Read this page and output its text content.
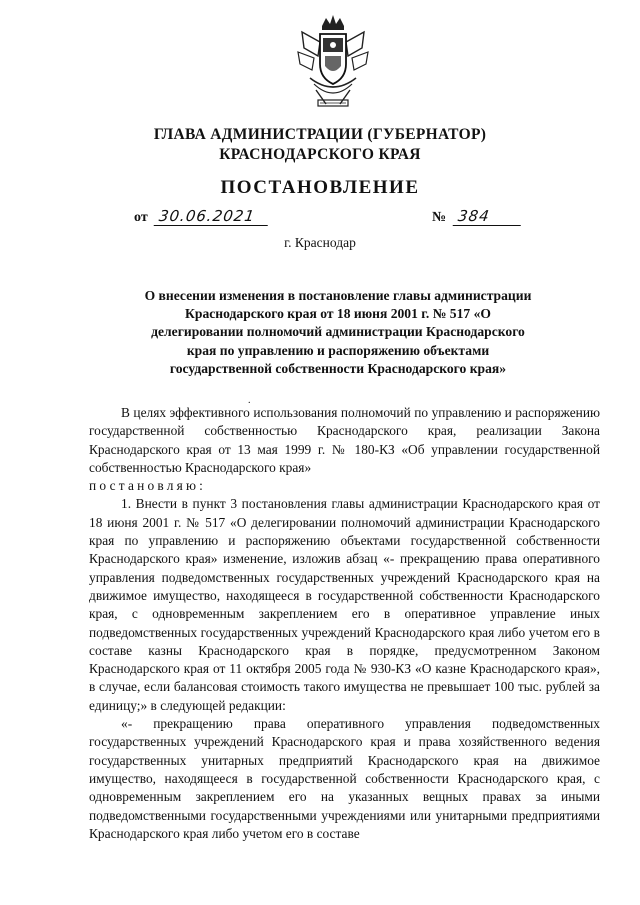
ГЛАВА АДМИНИСТРАЦИИ (ГУБЕРНАТОР)
КРАСНОДАРСКОГО КРАЯ
ПОСТАНОВЛЕНИЕ
от 30.06.2021	№ 384
г. Краснодар
О внесении изменения в постановление главы администрации Краснодарского края от 18 июня 2001 г. № 517 «О делегировании полномочий администрации Краснодарского края по управлению и распоряжению объектами государственной собственности Краснодарского края»
.

В целях эффективного использования полномочий по управлению и распоряжению государственной собственностью Краснодарского края, реализации Закона Краснодарского края от 13 мая 1999 г. № 180-КЗ «Об управлении государственной собственностью Краснодарского края»

постановляю:

1. Внести в пункт 3 постановления главы администрации Краснодарского края от 18 июня 2001 г. № 517 «О делегировании полномочий администрации Краснодарского края по управлению и распоряжению объектами государственной собственности Краснодарского края» изменение, изложив абзац «- прекращению права оперативного управления подведомственных государственных учреждений Краснодарского края на движимое имущество, находящееся в государственной собственности Краснодарского края, с одновременным закреплением его в оперативное управление иных подведомственных государственных учреждений Краснодарского края либо учетом его в составе казны Краснодарского края в порядке, предусмотренном Законом Краснодарского края от 11 октября 2005 года № 930-КЗ «О казне Краснодарского края», в случае, если балансовая стоимость такого имущества не превышает 100 тыс. рублей за единицу;» в следующей редакции:

«- прекращению права оперативного управления подведомственных государственных учреждений Краснодарского края и права хозяйственного ведения государственных унитарных предприятий Краснодарского края на движимое имущество, находящееся в государственной собственности Краснодарского края, с одновременным закреплением его на указанных вещных правах за иными подведомственными государственными учреждениями или унитарными предприятиями Краснодарского края либо учетом его в составе
